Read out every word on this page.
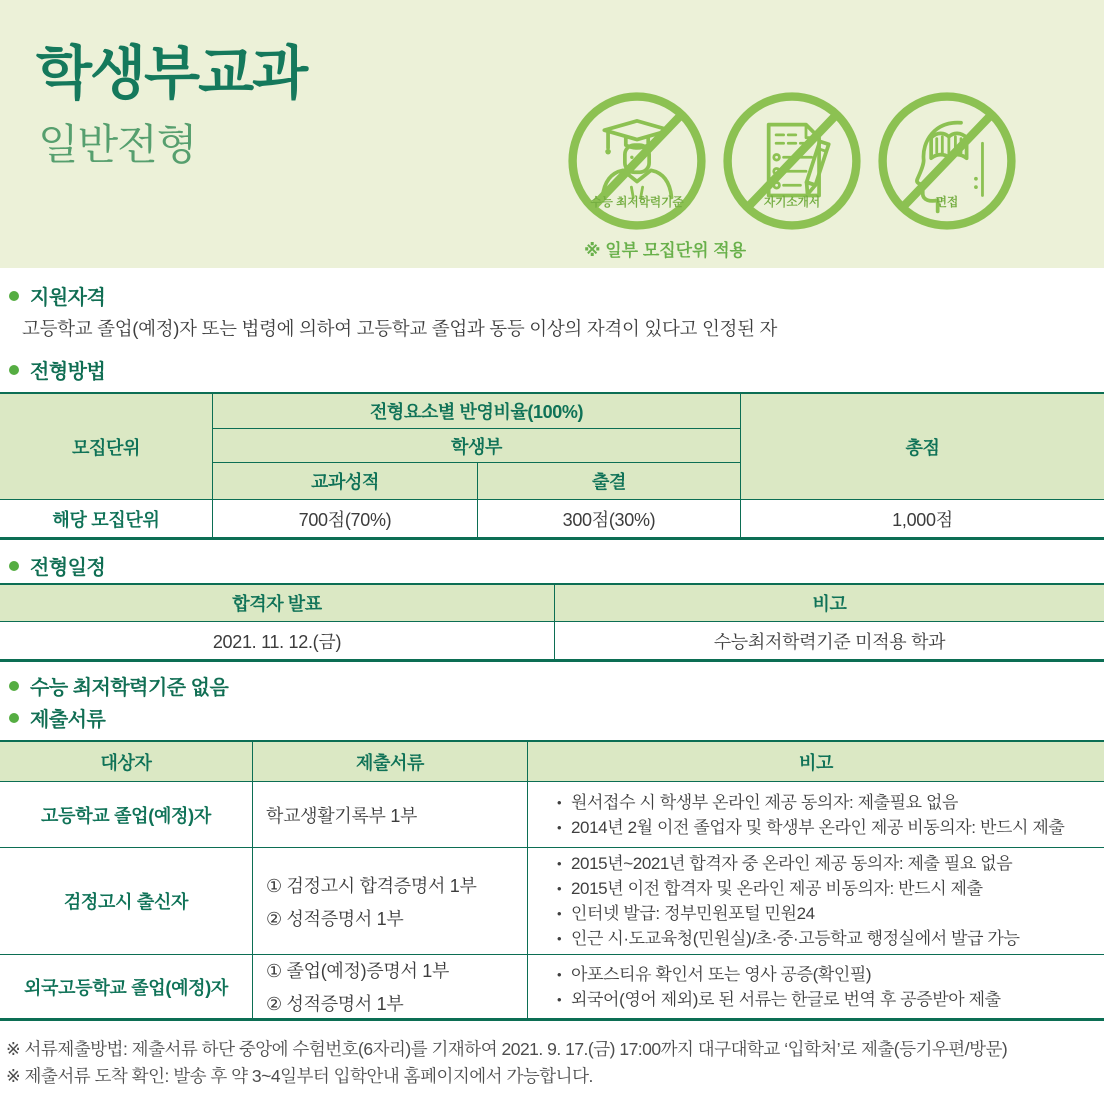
학생부교과
일반전형
수능 최저학력기준	자기소개서	면접
※ 일부 모집단위 적용
지원자격
고등학교 졸업(예정)자 또는 법령에 의하여 고등학교 졸업과 동등 이상의 자격이 있다고 인정된 자
전형방법
모집단위
전형요소별 반영비율(100%)
학생부
교과성적	출결
총점
해당 모집단위	700점(70%)	300점(30%)	1,000점
전형일정
합격자 발표	비고
2021. 11. 12.(금)	수능최저학력기준 미적용 학과
수능 최저학력기준 없음
제출서류
대상자	제출서류	비고
고등학교 졸업(예정)자	학교생활기록부 1부
• 원서접수 시 학생부 온라인 제공 동의자: 제출필요 없음
• 2014년 2월 이전 졸업자 및 학생부 온라인 제공 비동의자: 반드시 제출
검정고시 출신자
① 검정고시 합격증명서 1부
② 성적증명서 1부
• 2015년~2021년 합격자 중 온라인 제공 동의자: 제출 필요 없음
• 2015년 이전 합격자 및 온라인 제공 비동의자: 반드시 제출
• 인터넷 발급: 정부민원포털 민원24
• 인근 시·도교육청(민원실)/초·중·고등학교 행정실에서 발급 가능
외국고등학교 졸업(예정)자
① 졸업(예정)증명서 1부
② 성적증명서 1부
• 아포스티유 확인서 또는 영사 공증(확인필)
• 외국어(영어 제외)로 된 서류는 한글로 번역 후 공증받아 제출
※ 서류제출방법: 제출서류 하단 중앙에 수험번호(6자리)를 기재하여 2021. 9. 17.(금) 17:00까지 대구대학교 ‘입학처’로 제출(등기우편/방문)
※ 제출서류 도착 확인: 발송 후 약 3~4일부터 입학안내 홈페이지에서 가능합니다.
